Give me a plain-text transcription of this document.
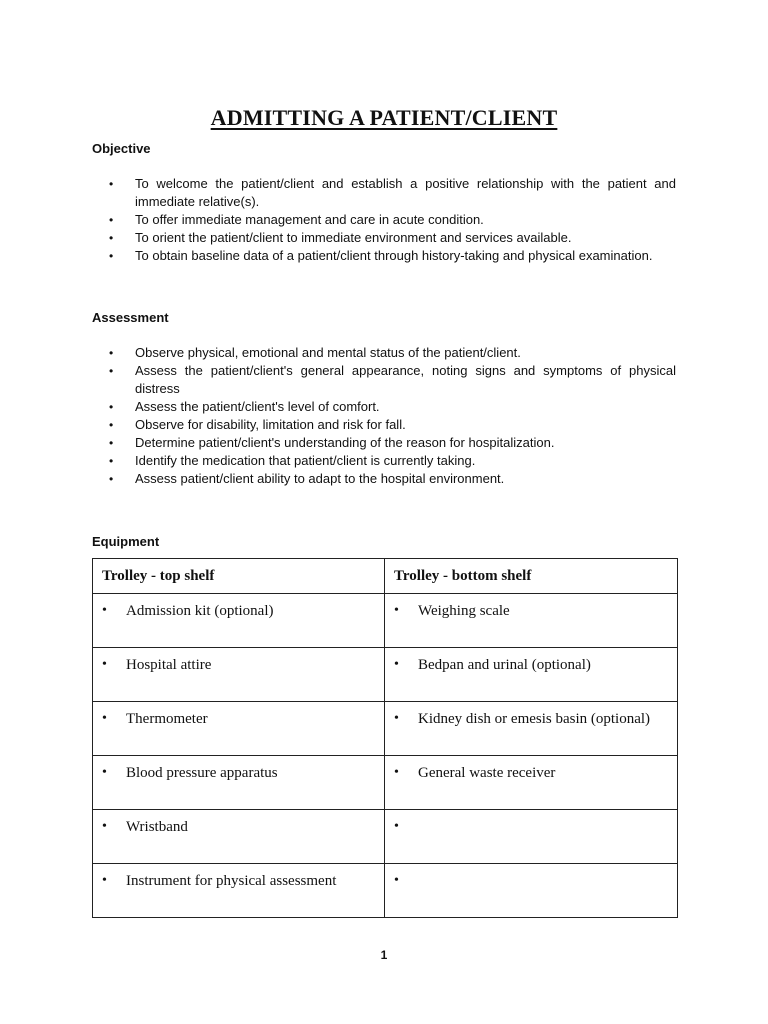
ADMITTING A PATIENT/CLIENT
Objective
• To welcome the patient/client and establish a positive relationship with the patient and immediate relative(s).
• To offer immediate management and care in acute condition.
• To orient the patient/client to immediate environment and services available.
• To obtain baseline data of a patient/client through history-taking and physical examination.
Assessment
• Observe physical, emotional and mental status of the patient/client.
• Assess the patient/client's general appearance, noting signs and symptoms of physical distress
• Assess the patient/client's level of comfort.
• Observe for disability, limitation and risk for fall.
• Determine patient/client's understanding of the reason for hospitalization.
• Identify the medication that patient/client is currently taking.
• Assess patient/client ability to adapt to the hospital environment.
Equipment
Trolley - top shelf	Trolley - bottom shelf

• Admission kit (optional)	• Weighing scale

• Hospital attire	• Bedpan and urinal (optional)

• Thermometer	• Kidney dish or emesis basin (optional)

• Blood pressure apparatus	• General waste receiver

• Wristband

• Instrument for physical assessment

1
